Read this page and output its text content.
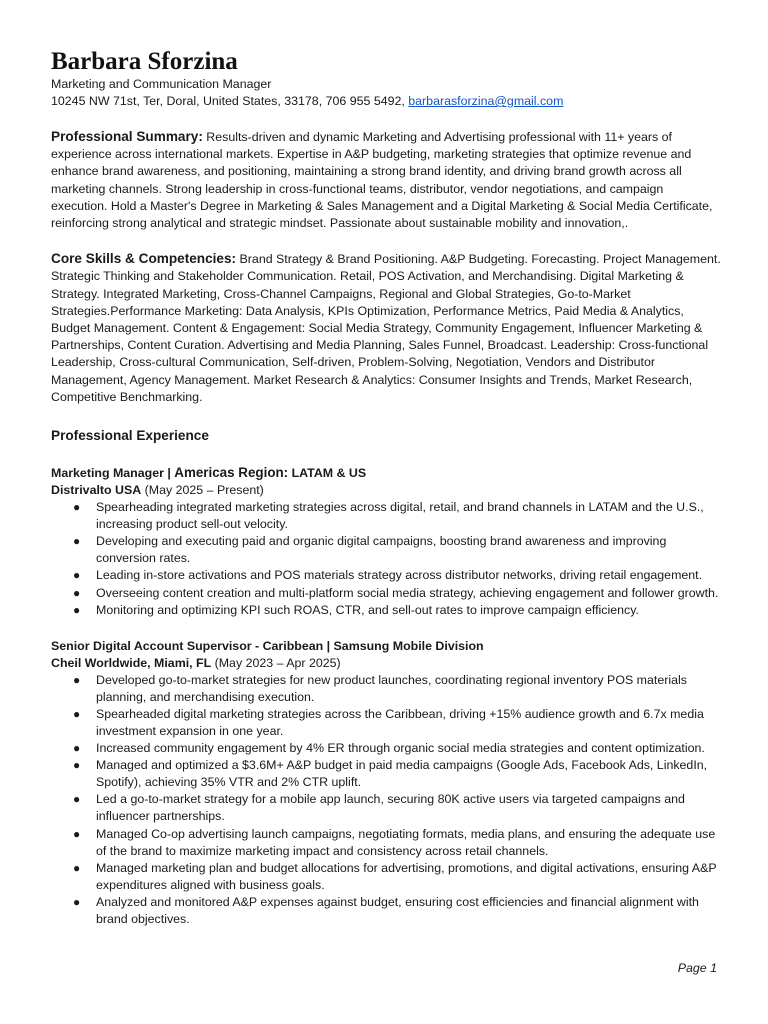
Barbara Sforzina

Marketing and Communication Manager

10245 NW 71st, Ter, Doral, United States, 33178, 706 955 5492, barbarasforzina@gmail.com

Professional Summary: Results-driven and dynamic Marketing and Advertising professional with 11+ years of experience across international markets. Expertise in A&P budgeting, marketing strategies that optimize revenue and enhance brand awareness, and positioning, maintaining a strong brand identity, and driving brand growth across all marketing channels. Strong leadership in cross-functional teams, distributor, vendor negotiations, and campaign execution. Hold a Master's Degree in Marketing & Sales Management and a Digital Marketing & Social Media Certificate, reinforcing strong analytical and strategic mindset. Passionate about sustainable mobility and innovation,.

Core Skills & Competencies: Brand Strategy & Brand Positioning. A&P Budgeting. Forecasting. Project Management. Strategic Thinking and Stakeholder Communication. Retail, POS Activation, and Merchandising. Digital Marketing & Strategy. Integrated Marketing, Cross-Channel Campaigns, Regional and Global Strategies, Go-to-Market Strategies.Performance Marketing: Data Analysis, KPIs Optimization, Performance Metrics, Paid Media & Analytics, Budget Management. Content & Engagement: Social Media Strategy, Community Engagement, Influencer Marketing & Partnerships, Content Curation. Advertising and Media Planning, Sales Funnel, Broadcast. Leadership: Cross-functional Leadership, Cross-cultural Communication, Self-driven, Problem-Solving, Negotiation, Vendors and Distributor Management, Agency Management. Market Research & Analytics: Consumer Insights and Trends, Market Research, Competitive Benchmarking.

Professional Experience

Marketing Manager | Americas Region: LATAM & US

Distrivalto USA (May 2025 – Present)

● Spearheading integrated marketing strategies across digital, retail, and brand channels in LATAM and the U.S., increasing product sell-out velocity.
● Developing and executing paid and organic digital campaigns, boosting brand awareness and improving conversion rates.
● Leading in-store activations and POS materials strategy across distributor networks, driving retail engagement.
● Overseeing content creation and multi-platform social media strategy, achieving engagement and follower growth.
● Monitoring and optimizing KPI such ROAS, CTR, and sell-out rates to improve campaign efficiency.

Senior Digital Account Supervisor - Caribbean | Samsung Mobile Division

Cheil Worldwide, Miami, FL (May 2023 – Apr 2025)

● Developed go-to-market strategies for new product launches, coordinating regional inventory POS materials planning, and merchandising execution.
● Spearheaded digital marketing strategies across the Caribbean, driving +15% audience growth and 6.7x media investment expansion in one year.
● Increased community engagement by 4% ER through organic social media strategies and content optimization.
● Managed and optimized a $3.6M+ A&P budget in paid media campaigns (Google Ads, Facebook Ads, LinkedIn, Spotify), achieving 35% VTR and 2% CTR uplift.
● Led a go-to-market strategy for a mobile app launch, securing 80K active users via targeted campaigns and influencer partnerships.
● Managed Co-op advertising launch campaigns, negotiating formats, media plans, and ensuring the adequate use of the brand to maximize marketing impact and consistency across retail channels.
● Managed marketing plan and budget allocations for advertising, promotions, and digital activations, ensuring A&P expenditures aligned with business goals.
● Analyzed and monitored A&P expenses against budget, ensuring cost efficiencies and financial alignment with brand objectives.
Page 1
